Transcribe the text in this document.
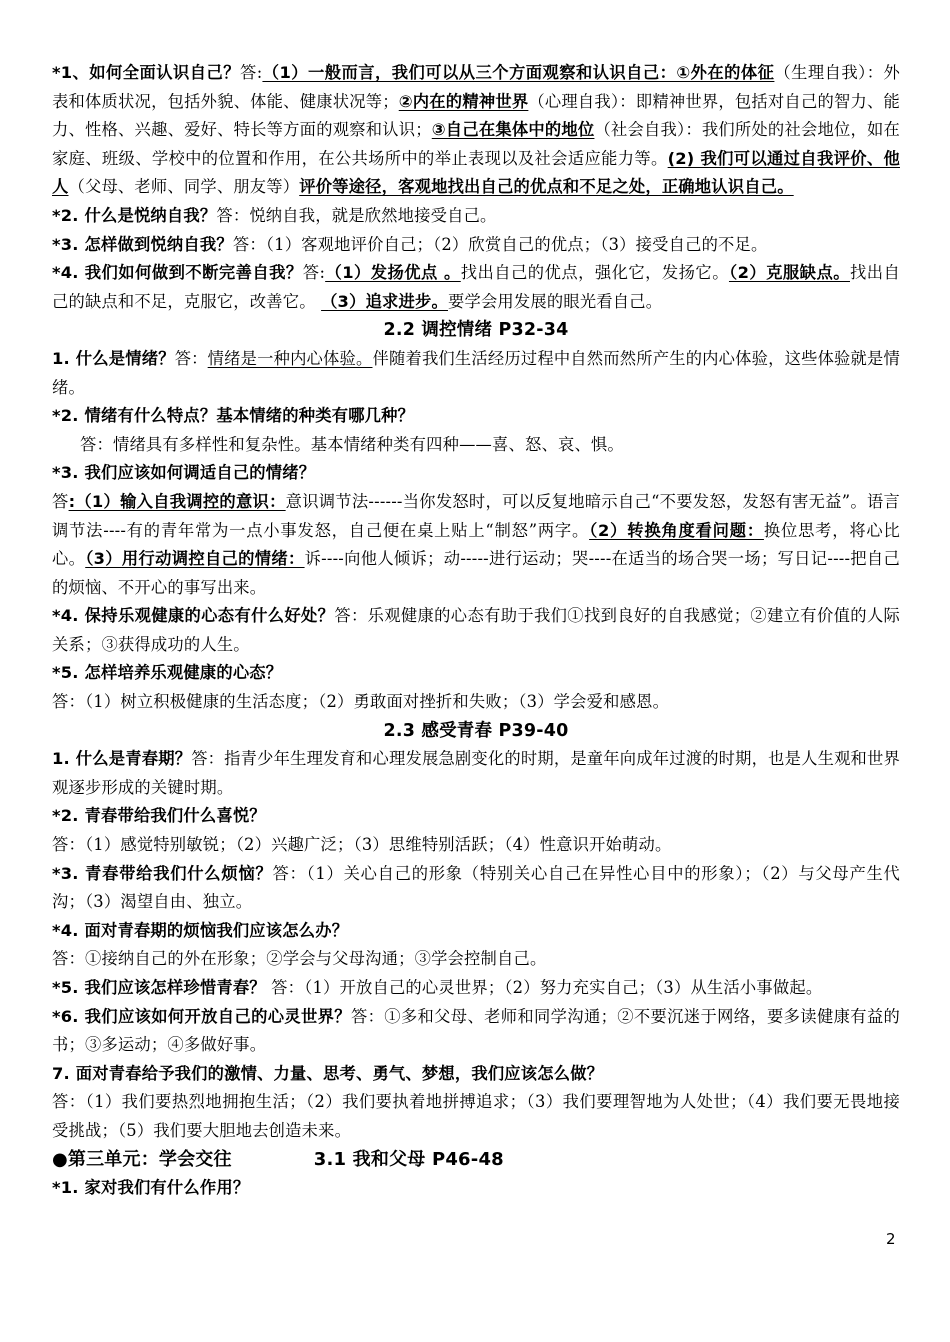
*1、如何全面认识自己？答:（1）一般而言，我们可以从三个方面观察和认识自己：①外在的体征（生理自我）：外表和体质状况，包括外貌、体能、健康状况等；②内在的精神世界（心理自我）：即精神世界，包括对自己的智力、能力、性格、兴趣、爱好、特长等方面的观察和认识；③自己在集体中的地位（社会自我）：我们所处的社会地位，如在家庭、班级、学校中的位置和作用，在公共场所中的举止表现以及社会适应能力等。(2) 我们可以通过自我评价、他人（父母、老师、同学、朋友等）评价等途径，客观地找出自己的优点和不足之处，正确地认识自己。

*2. 什么是悦纳自我？答：悦纳自我，就是欣然地接受自己。

*3. 怎样做到悦纳自我？答：（1）客观地评价自己；（2）欣赏自己的优点；（3）接受自己的不足。

*4. 我们如何做到不断完善自我？答:（1）发扬优点 。找出自己的优点，强化它，发扬它。（2）克服缺点。找出自己的缺点和不足，克服它，改善它。 （3）追求进步。要学会用发展的眼光看自己。

2.2 调控情绪 P32-34

1. 什么是情绪？答：情绪是一种内心体验。伴随着我们生活经历过程中自然而然所产生的内心体验，这些体验就是情绪。

*2. 情绪有什么特点？基本情绪的种类有哪几种？

答：情绪具有多样性和复杂性。基本情绪种类有四种——喜、怒、哀、惧。

*3. 我们应该如何调适自己的情绪？

答:（1）输入自我调控的意识：意识调节法------当你发怒时，可以反复地暗示自己“不要发怒，发怒有害无益”。语言调节法----有的青年常为一点小事发怒，自己便在桌上贴上“制怒”两字。（2）转换角度看问题：换位思考，将心比心。（3）用行动调控自己的情绪：诉----向他人倾诉；动-----进行运动；哭----在适当的场合哭一场；写日记----把自己的烦恼、不开心的事写出来。

*4. 保持乐观健康的心态有什么好处？答：乐观健康的心态有助于我们①找到良好的自我感觉；②建立有价值的人际关系；③获得成功的人生。

*5. 怎样培养乐观健康的心态？

答：（1）树立积极健康的生活态度；（2）勇敢面对挫折和失败；（3）学会爱和感恩。

2.3 感受青春 P39-40

1. 什么是青春期？答：指青少年生理发育和心理发展急剧变化的时期，是童年向成年过渡的时期，也是人生观和世界观逐步形成的关键时期。

*2. 青春带给我们什么喜悦？

答：（1）感觉特别敏锐；（2）兴趣广泛；（3）思维特别活跃；（4）性意识开始萌动。

*3. 青春带给我们什么烦恼？答：（1）关心自己的形象（特别关心自己在异性心目中的形象）；（2）与父母产生代沟；（3）渴望自由、独立。

*4. 面对青春期的烦恼我们应该怎么办？

答：①接纳自己的外在形象；②学会与父母沟通；③学会控制自己。

*5. 我们应该怎样珍惜青春？ 答：（1）开放自己的心灵世界；（2）努力充实自己；（3）从生活小事做起。

*6. 我们应该如何开放自己的心灵世界？答：①多和父母、老师和同学沟通；②不要沉迷于网络，要多读健康有益的书；③多运动；④多做好事。

7. 面对青春给予我们的激情、力量、思考、勇气、梦想，我们应该怎么做？

答：（1）我们要热烈地拥抱生活；（2）我们要执着地拼搏追求；（3）我们要理智地为人处世；（4）我们要无畏地接受挑战；（5）我们要大胆地去创造未来。

●第三单元：学会交往	3.1 我和父母 P46-48

*1. 家对我们有什么作用？

2
